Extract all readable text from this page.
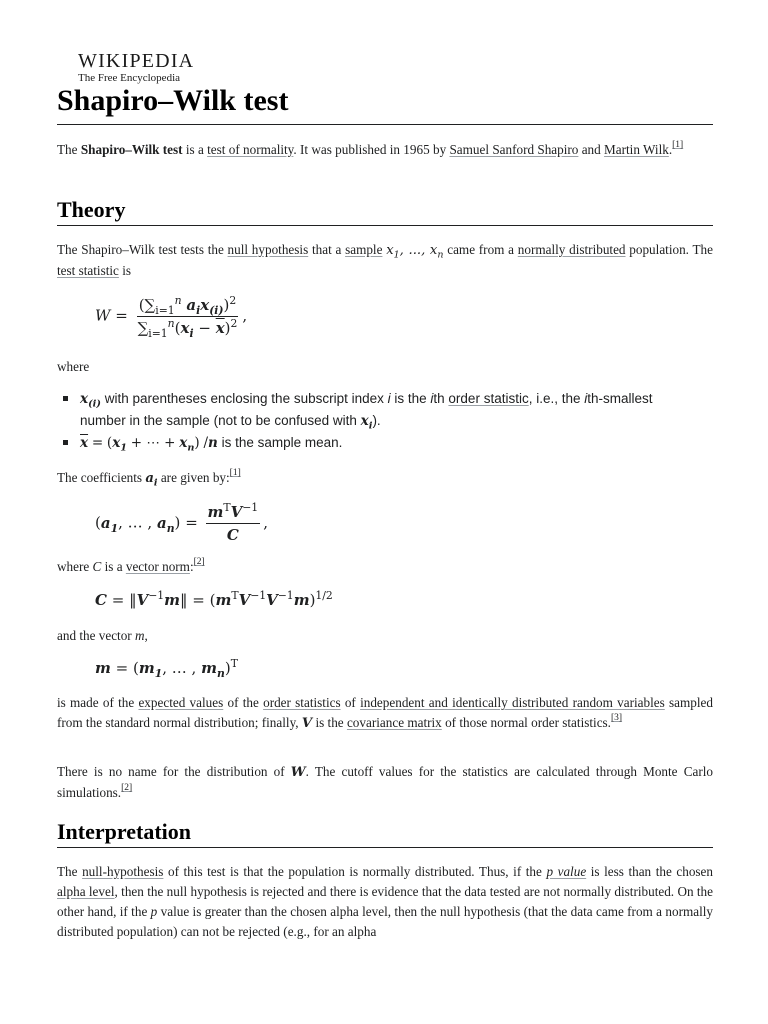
WIKIPEDIA
The Free Encyclopedia
Shapiro–Wilk test

The Shapiro–Wilk test is a test of normality. It was published in 1965 by Samuel Sanford Shapiro and Martin Wilk.[1]

Theory

The Shapiro–Wilk test tests the null hypothesis that a sample $x_1$, ..., $x_n$ came from a normally distributed population. The test statistic is

$W = \frac{(\sum_{i=1}^n a_ix_{(i)})^2}{\sum_{i=1}^n(x_i - \overline{x})^2}$ ,

where

$x_{(i)}$ with parentheses enclosing the subscript index i is the ith order statistic, i.e., the ith-smallest number in the sample (not to be confused with $x_i$).
$\overline{x} = (x_1$ + ⋯ + $x_n$) /n is the sample mean.

The coefficients $a_i$ are given by:[1]

($a_1$, … , $a_n) = \frac{m^TV^{-1}}{C}$ ,

where C is a vector norm:[2]

$C = ‖V^{-1}m‖ = (m^TV^{-1}V^{-1}m)^{1/2}$

and the vector m,

$m = (m_1$, … , $m_n)^T$

is made of the expected values of the order statistics of independent and identically distributed random variables sampled from the standard normal distribution; finally, V is the covariance matrix of those normal order statistics.[3]

There is no name for the distribution of W. The cutoff values for the statistics are calculated through Monte Carlo simulations.[2]

Interpretation

The null-hypothesis of this test is that the population is normally distributed. Thus, if the p value is less than the chosen alpha level, then the null hypothesis is rejected and there is evidence that the data tested are not normally distributed. On the other hand, if the p value is greater than the chosen alpha level, then the null hypothesis (that the data came from a normally distributed population) can not be rejected (e.g., for an alpha
